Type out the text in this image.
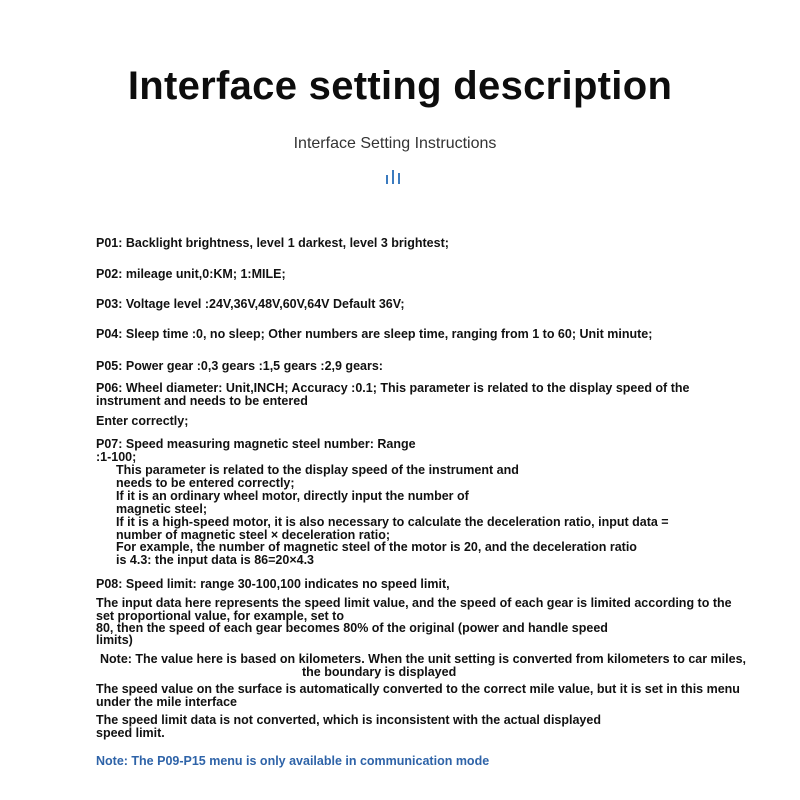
Interface setting description
Interface Setting Instructions
P01: Backlight brightness, level 1 darkest, level 3 brightest;
P02: mileage unit,0:KM; 1:MILE;
P03: Voltage level :24V,36V,48V,60V,64V Default 36V;
P04: Sleep time :0, no sleep; Other numbers are sleep time, ranging from 1 to 60; Unit minute;
P05: Power gear :0,3 gears :1,5 gears :2,9 gears:
P06: Wheel diameter: Unit,INCH; Accuracy :0.1; This parameter is related to the display speed of the
instrument and needs to be entered
Enter correctly;
P07: Speed measuring magnetic steel number: Range
:1-100;
This parameter is related to the display speed of the instrument and
needs to be entered correctly;
If it is an ordinary wheel motor, directly input the number of
magnetic steel;
If it is a high-speed motor, it is also necessary to calculate the deceleration ratio, input data =
number of magnetic steel × deceleration ratio;
For example, the number of magnetic steel of the motor is 20, and the deceleration ratio
is 4.3: the input data is 86=20×4.3
P08: Speed limit: range 30-100,100 indicates no speed limit,
The input data here represents the speed limit value, and the speed of each gear is limited according to the
set proportional value, for example, set to
80, then the speed of each gear becomes 80% of the original (power and handle speed
limits)
Note: The value here is based on kilometers. When the unit setting is converted from kilometers to car miles,
the boundary is displayed
The speed value on the surface is automatically converted to the correct mile value, but it is set in this menu
under the mile interface
The speed limit data is not converted, which is inconsistent with the actual displayed
speed limit.
Note: The P09-P15 menu is only available in communication mode
